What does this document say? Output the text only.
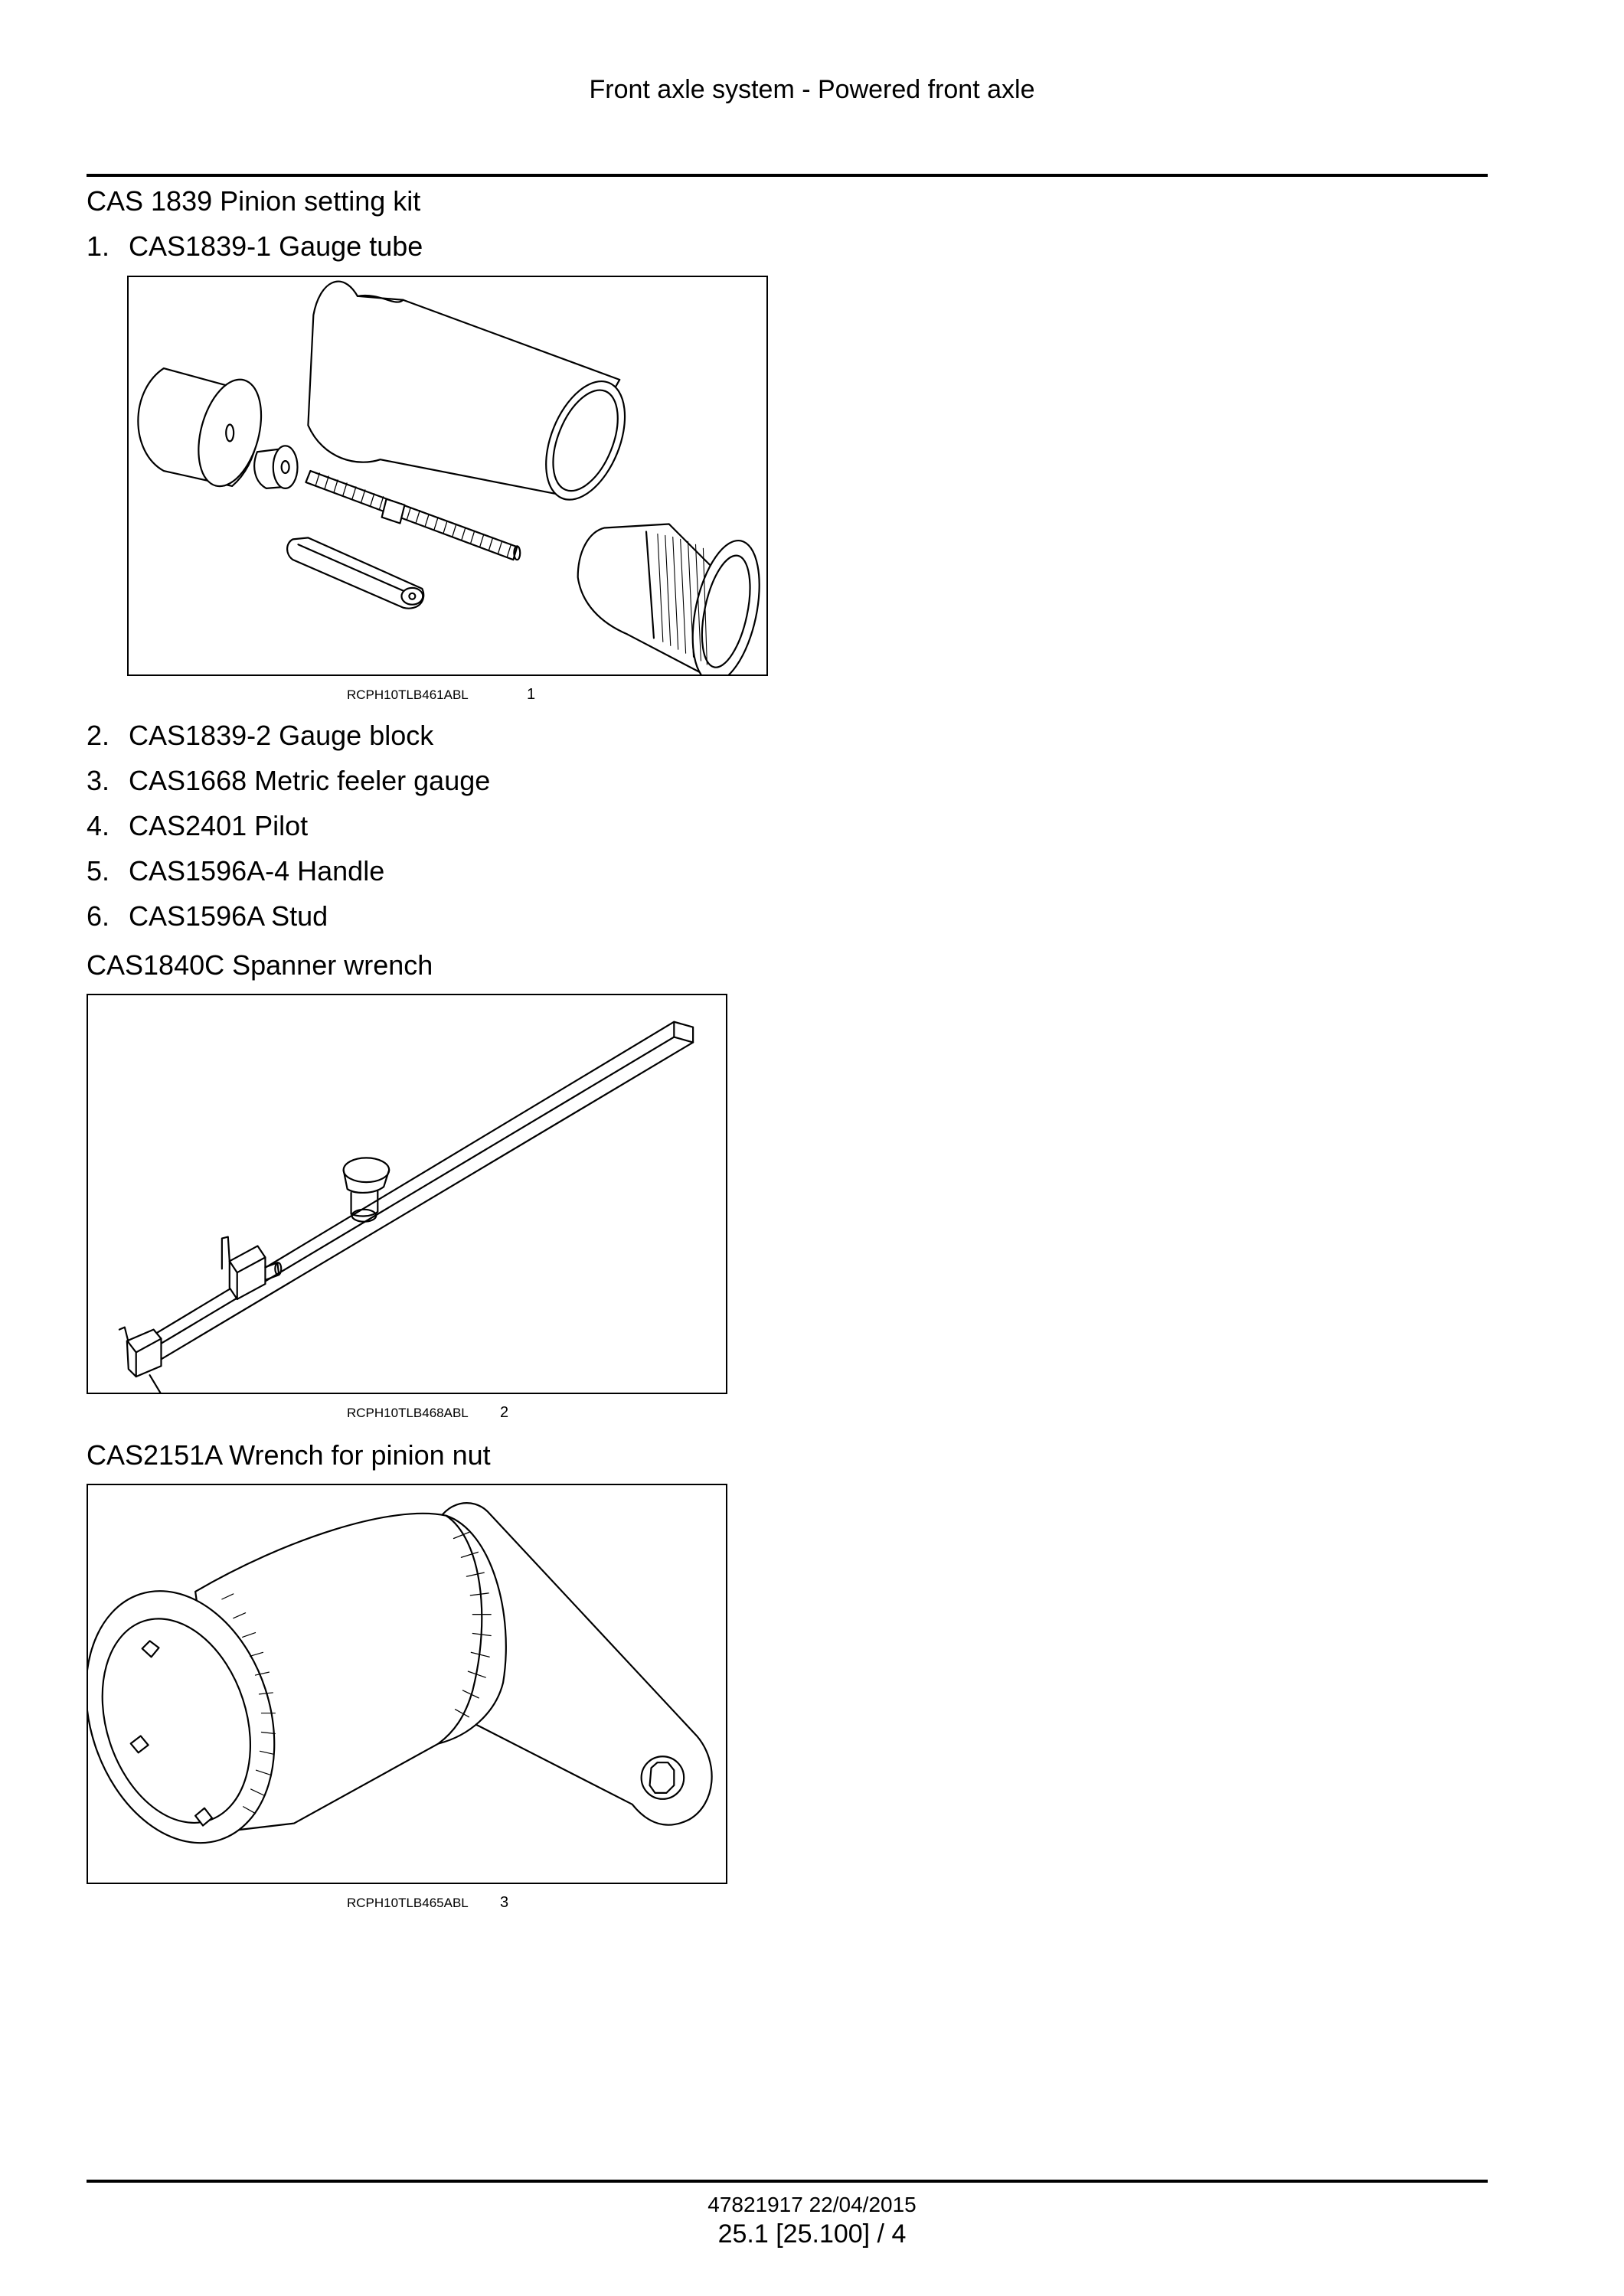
Front axle system - Powered front axle
CAS 1839 Pinion setting kit
1. CAS1839-1 Gauge tube
RCPH10TLB461ABL	1
2. CAS1839-2 Gauge block
3. CAS1668 Metric feeler gauge
4. CAS2401 Pilot
5. CAS1596A-4 Handle
6. CAS1596A Stud
CAS1840C Spanner wrench
RCPH10TLB468ABL 2
CAS2151A Wrench for pinion nut
RCPH10TLB465ABL 3
47821917 22/04/2015
25.1 [25.100] / 4
